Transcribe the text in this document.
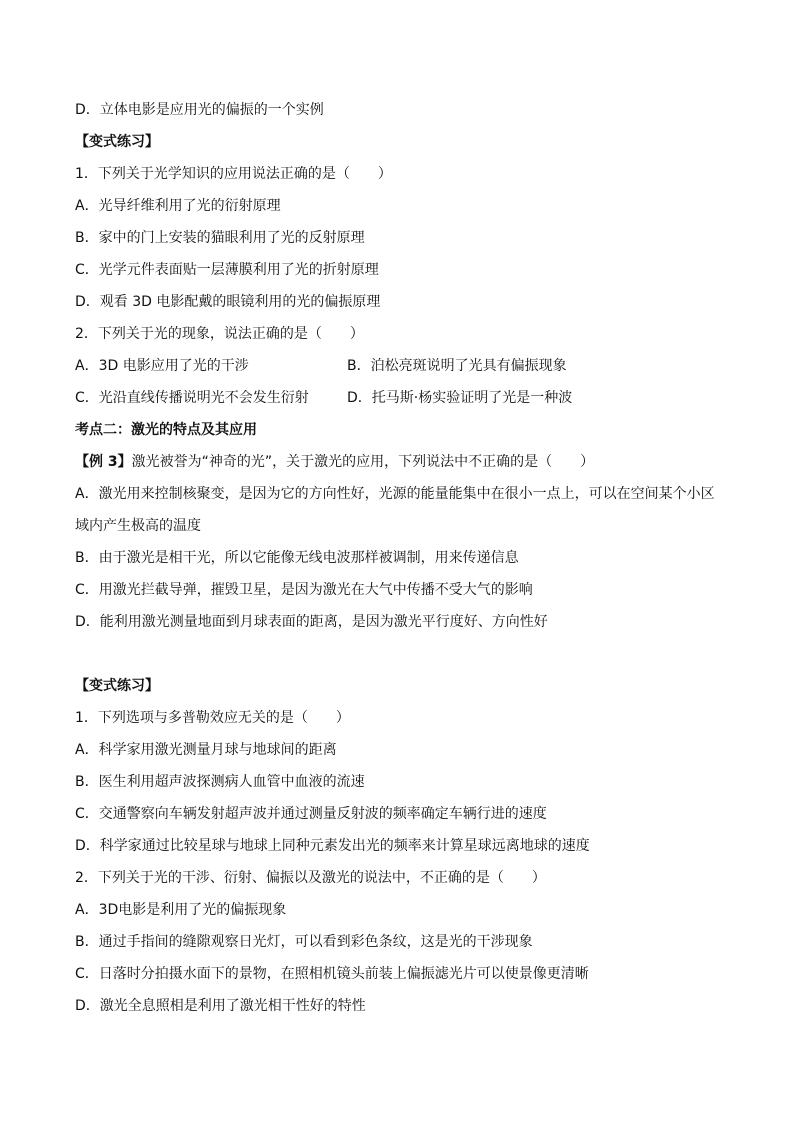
D．立体电影是应用光的偏振的一个实例
【变式练习】
1．下列关于光学知识的应用说法正确的是（　　）
A．光导纤维利用了光的衍射原理
B．家中的门上安装的猫眼利用了光的反射原理
C．光学元件表面贴一层薄膜利用了光的折射原理
D．观看 3D 电影配戴的眼镜利用的光的偏振原理
2．下列关于光的现象，说法正确的是（　　）
A．3D 电影应用了光的干涉	B．泊松亮斑说明了光具有偏振现象
C．光沿直线传播说明光不会发生衍射	D．托马斯·杨实验证明了光是一种波
考点二：激光的特点及其应用
【例 3】激光被誉为“神奇的光”，关于激光的应用，下列说法中不正确的是（　　）
A．激光用来控制核聚变，是因为它的方向性好，光源的能量能集中在很小一点上，可以在空间某个小区域内产生极高的温度
B．由于激光是相干光，所以它能像无线电波那样被调制，用来传递信息
C．用激光拦截导弹，摧毁卫星，是因为激光在大气中传播不受大气的影响
D．能利用激光测量地面到月球表面的距离，是因为激光平行度好、方向性好
【变式练习】
1．下列选项与多普勒效应无关的是（　　）
A．科学家用激光测量月球与地球间的距离
B．医生利用超声波探测病人血管中血液的流速
C．交通警察向车辆发射超声波并通过测量反射波的频率确定车辆行进的速度
D．科学家通过比较星球与地球上同种元素发出光的频率来计算星球远离地球的速度
2．下列关于光的干涉、衍射、偏振以及激光的说法中，不正确的是（　　）
A．3D电影是利用了光的偏振现象
B．通过手指间的缝隙观察日光灯，可以看到彩色条纹，这是光的干涉现象
C．日落时分拍摄水面下的景物，在照相机镜头前装上偏振滤光片可以使景像更清晰
D．激光全息照相是利用了激光相干性好的特性
